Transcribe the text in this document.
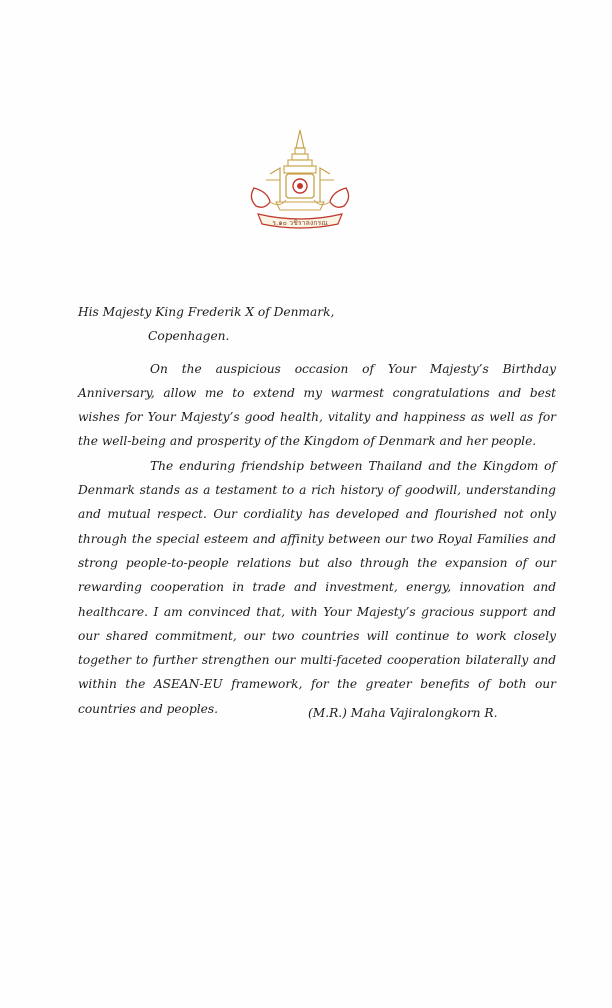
ร.๑๐ วชิราลงกรณ

His Majesty King Frederik X of Denmark,

Copenhagen.

On the auspicious occasion of Your Majesty’s Birthday Anniversary, allow me to extend my warmest congratulations and best wishes for Your Majesty’s good health, vitality and happiness as well as for the well-being and prosperity of the Kingdom of Denmark and her people.

The enduring friendship between Thailand and the Kingdom of Denmark stands as a testament to a rich history of goodwill, understanding and mutual respect. Our cordiality has developed and flourished not only through the special esteem and affinity between our two Royal Families and strong people-to-people relations but also through the expansion of our rewarding cooperation in trade and investment, energy, innovation and healthcare. I am convinced that, with Your Majesty’s gracious support and our shared commitment, our two countries will continue to work closely together to further strengthen our multi-faceted cooperation bilaterally and within the ASEAN-EU framework, for the greater benefits of both our countries and peoples.	(M.R.) Maha Vajiralongkorn R.
